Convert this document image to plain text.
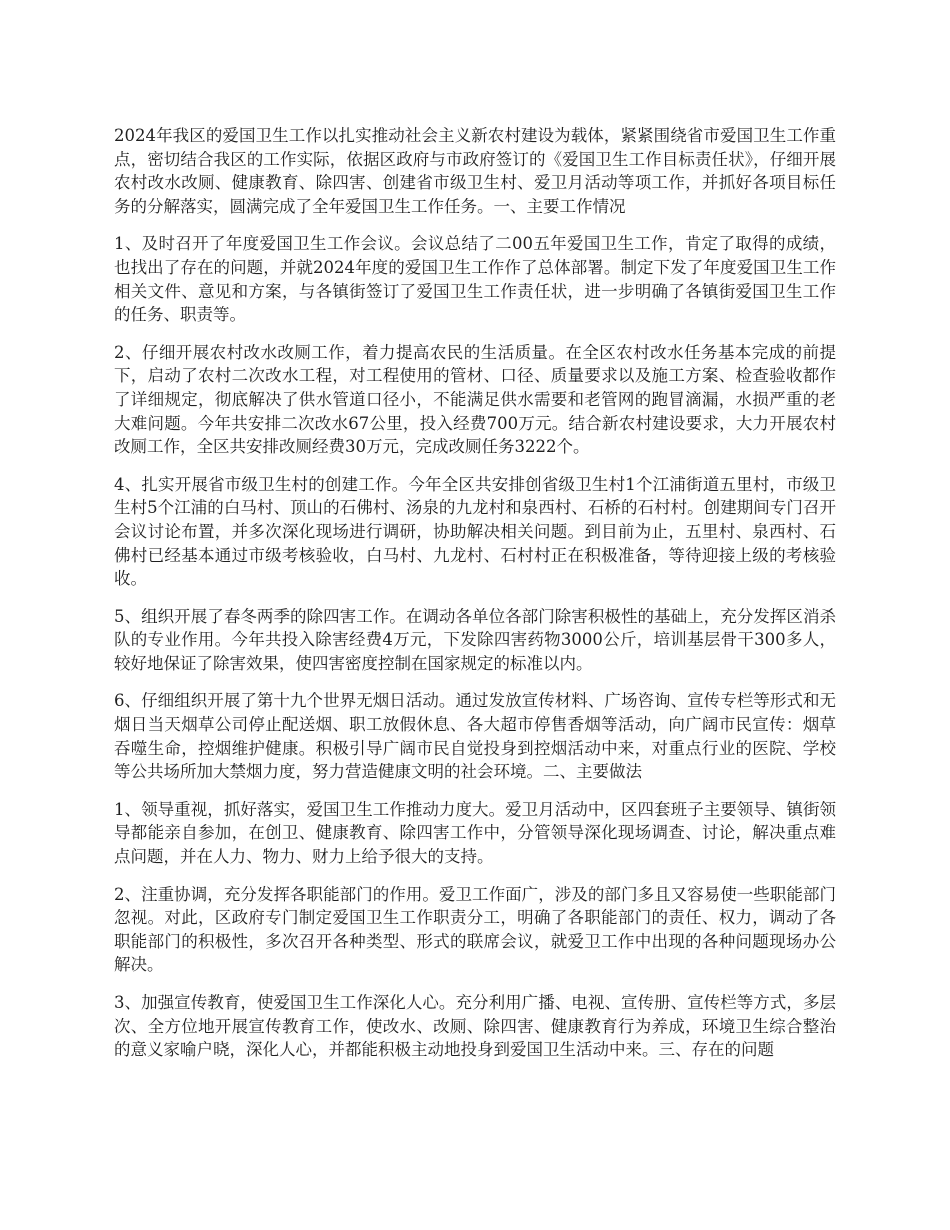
2024年我区的爱国卫生工作以扎实推动社会主义新农村建设为载体，紧紧围绕省市爱国卫生工作重点，密切结合我区的工作实际，依据区政府与市政府签订的《爱国卫生工作目标责任状》，仔细开展农村改水改厕、健康教育、除四害、创建省市级卫生村、爱卫月活动等项工作，并抓好各项目标任务的分解落实，圆满完成了全年爱国卫生工作任务。一、主要工作情况

1、及时召开了年度爱国卫生工作会议。会议总结了二00五年爱国卫生工作，肯定了取得的成绩，也找出了存在的问题，并就2024年度的爱国卫生工作作了总体部署。制定下发了年度爱国卫生工作相关文件、意见和方案，与各镇街签订了爱国卫生工作责任状，进一步明确了各镇街爱国卫生工作的任务、职责等。

2、仔细开展农村改水改厕工作，着力提高农民的生活质量。在全区农村改水任务基本完成的前提下，启动了农村二次改水工程，对工程使用的管材、口径、质量要求以及施工方案、检查验收都作了详细规定，彻底解决了供水管道口径小，不能满足供水需要和老管网的跑冒滴漏，水损严重的老大难问题。今年共安排二次改水67公里，投入经费700万元。结合新农村建设要求，大力开展农村改厕工作，全区共安排改厕经费30万元，完成改厕任务3222个。

4、扎实开展省市级卫生村的创建工作。今年全区共安排创省级卫生村1个江浦街道五里村，市级卫生村5个江浦的白马村、顶山的石佛村、汤泉的九龙村和泉西村、石桥的石村村。创建期间专门召开会议讨论布置，并多次深化现场进行调研，协助解决相关问题。到目前为止，五里村、泉西村、石佛村已经基本通过市级考核验收，白马村、九龙村、石村村正在积极准备，等待迎接上级的考核验收。

5、组织开展了春冬两季的除四害工作。在调动各单位各部门除害积极性的基础上，充分发挥区消杀队的专业作用。今年共投入除害经费4万元，下发除四害药物3000公斤，培训基层骨干300多人，较好地保证了除害效果，使四害密度控制在国家规定的标准以内。

6、仔细组织开展了第十九个世界无烟日活动。通过发放宣传材料、广场咨询、宣传专栏等形式和无烟日当天烟草公司停止配送烟、职工放假休息、各大超市停售香烟等活动，向广阔市民宣传：烟草吞噬生命，控烟维护健康。积极引导广阔市民自觉投身到控烟活动中来，对重点行业的医院、学校等公共场所加大禁烟力度，努力营造健康文明的社会环境。二、主要做法

1、领导重视，抓好落实，爱国卫生工作推动力度大。爱卫月活动中，区四套班子主要领导、镇街领导都能亲自参加，在创卫、健康教育、除四害工作中，分管领导深化现场调查、讨论，解决重点难点问题，并在人力、物力、财力上给予很大的支持。

2、注重协调，充分发挥各职能部门的作用。爱卫工作面广，涉及的部门多且又容易使一些职能部门忽视。对此，区政府专门制定爱国卫生工作职责分工，明确了各职能部门的责任、权力，调动了各职能部门的积极性，多次召开各种类型、形式的联席会议，就爱卫工作中出现的各种问题现场办公解决。

3、加强宣传教育，使爱国卫生工作深化人心。充分利用广播、电视、宣传册、宣传栏等方式，多层次、全方位地开展宣传教育工作，使改水、改厕、除四害、健康教育行为养成，环境卫生综合整治的意义家喻户晓，深化人心，并都能积极主动地投身到爱国卫生活动中来。三、存在的问题
